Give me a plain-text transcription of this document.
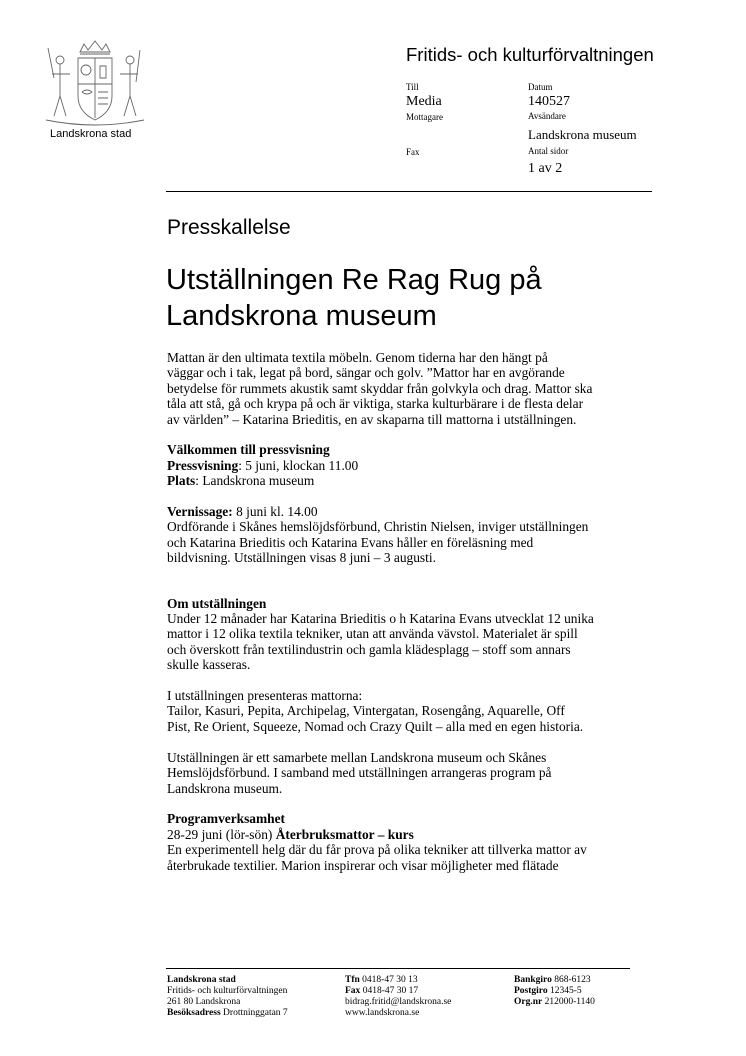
Landskrona stad
Fritids- och kulturförvaltningen
Till
Media
Mottagare
Fax
Datum
140527
Avsändare
Landskrona museum
Antal sidor
1 av 2
Presskallelse
Utställningen Re Rag Rug på
Landskrona museum

Mattan är den ultimata textila möbeln. Genom tiderna har den hängt på

väggar och i tak, legat på bord, sängar och golv. ”Mattor har en avgörande

betydelse för rummets akustik samt skyddar från golvkyla och drag. Mattor ska

tåla att stå, gå och krypa på och är viktiga, starka kulturbärare i de flesta delar

av världen” – Katarina Brieditis, en av skaparna till mattorna i utställningen.

Välkommen till pressvisning

Pressvisning: 5 juni, klockan 11.00

Plats: Landskrona museum

Vernissage: 8 juni kl. 14.00

Ordförande i Skånes hemslöjdsförbund, Christin Nielsen, inviger utställningen

och Katarina Brieditis och Katarina Evans håller en föreläsning med

bildvisning. Utställningen visas 8 juni – 3 augusti.

Om utställningen

Under 12 månader har Katarina Brieditis o h Katarina Evans utvecklat 12 unika

mattor i 12 olika textila tekniker, utan att använda vävstol. Materialet är spill

och överskott från textilindustrin och gamla klädesplagg – stoff som annars

skulle kasseras.

I utställningen presenteras mattorna:

Tailor, Kasuri, Pepita, Archipelag, Vintergatan, Rosengång, Aquarelle, Off

Pist, Re Orient, Squeeze, Nomad och Crazy Quilt – alla med en egen historia.

Utställningen är ett samarbete mellan Landskrona museum och Skånes

Hemslöjdsförbund. I samband med utställningen arrangeras program på

Landskrona museum.

Programverksamhet

28-29 juni (lör-sön) Återbruksmattor – kurs

En experimentell helg där du får prova på olika tekniker att tillverka mattor av

återbrukade textilier. Marion inspirerar och visar möjligheter med flätade

Landskrona stad
Fritids- och kulturförvaltningen
261 80 Landskrona
Besöksadress Drottninggatan 7
Tfn 0418-47 30 13
Fax 0418-47 30 17
bidrag.fritid@landskrona.se
www.landskrona.se
Bankgiro 868-6123
Postgiro 12345-5
Org.nr 212000-1140
